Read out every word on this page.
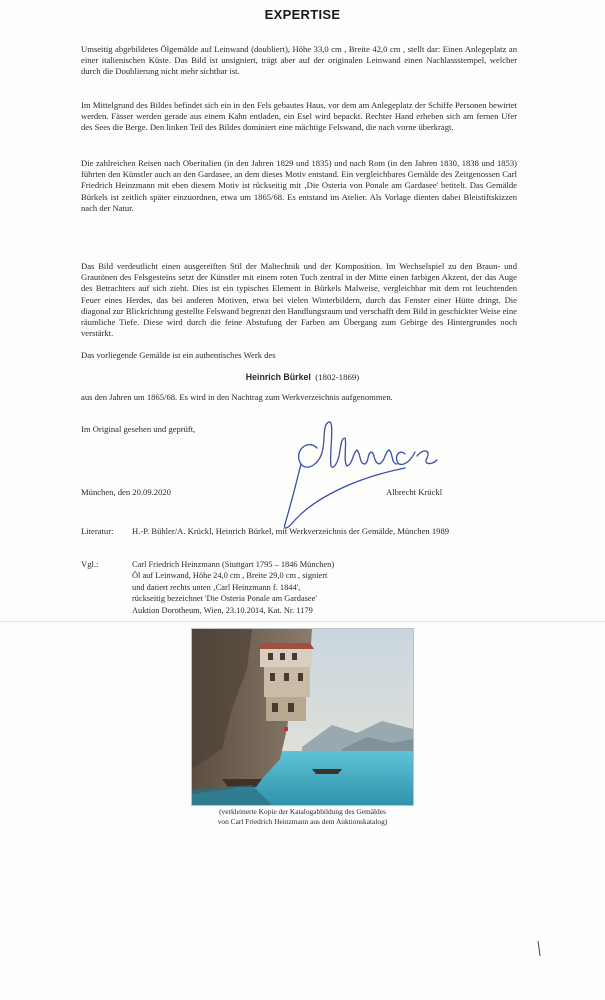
EXPERTISE

Umseitig abgebildetes Ölgemälde auf Leinwand (doubliert), Höhe 33,0 cm , Breite 42,0 cm , stellt dar: Einen Anlegeplatz an einer italienischen Küste. Das Bild ist unsigniert, trägt aber auf der originalen Leinwand einen Nachlassstempel, welcher durch die Doublierung nicht mehr sichtbar ist.

Im Mittelgrund des Bildes befindet sich ein in den Fels gebautes Haus, vor dem am Anlegeplatz der Schiffe Personen bewirtet werden. Fässer werden gerade aus einem Kahn entladen, ein Esel wird bepackt. Rechter Hand erheben sich am fernen Ufer des Sees die Berge. Den linken Teil des Bildes dominiert eine mächtige Felswand, die nach vorne überkragt.

Die zahlreichen Reisen nach Oberitalien (in den Jahren 1829 und 1835) und nach Rom (in den Jahren 1830, 1838 und 1853) führten den Künstler auch an den Gardasee, an dem dieses Motiv entstand. Ein vergleichbares Gemälde des Zeitgenossen Carl Friedrich Heinzmann mit eben diesem Motiv ist rückseitig mit ‚Die Osteria von Ponale am Gardasee' betitelt. Das Gemälde Bürkels ist zeitlich später einzuordnen, etwa um 1865/68. Es entstand im Atelier. Als Vorlage dienten dabei Bleistiftskizzen nach der Natur.

Das Bild verdeutlicht einen ausgereiften Stil der Maltechnik und der Komposition. Im Wechselspiel zu den Braun- und Grautönen des Felsgesteins setzt der Künstler mit einem roten Tuch zentral in der Mitte einen farbigen Akzent, der das Auge des Betrachters auf sich zieht. Dies ist ein typisches Element in Bürkels Malweise, vergleichbar mit dem rot leuchtenden Feuer eines Herdes, das bei anderen Motiven, etwa bei vielen Winterbildern, durch das Fenster einer Hütte dringt. Die diagonal zur Blickrichtung gestellte Felswand begrenzt den Handlungsraum und verschafft dem Bild in geschickter Weise eine räumliche Tiefe. Diese wird durch die feine Abstufung der Farben am Übergang zum Gebirge des Hintergrundes noch verstärkt.

Das vorliegende Gemälde ist ein authentisches Werk des
Heinrich Bürkel (1802-1869)
aus den Jahren um 1865/68. Es wird in den Nachtrag zum Werkverzeichnis aufgenommen.
Im Original gesehen und geprüft,
München, den 20.09.2020	Albrecht Krückl
Literatur: H.-P. Bühler/A. Krückl, Heinrich Bürkel, mit Werkverzeichnis der Gemälde, München 1989
Vgl.:	Carl Friedrich Heinzmann (Stuttgart 1795 – 1846 München)
Öl auf Leinwand, Höhe 24,0 cm , Breite 29,0 cm , signiert
und datiert rechts unten ‚Carl Heinzmann f. 1844',
rückseitig bezeichnet 'Die Osteria Ponale am Gardasee'
Auktion Dorotheum, Wien, 23.10.2014, Kat. Nr. 1179
(verkleinerte Kopie der Katalogabbildung des Gemäldes
von Carl Friedrich Heinzmann aus dem Auktionskatalog)
